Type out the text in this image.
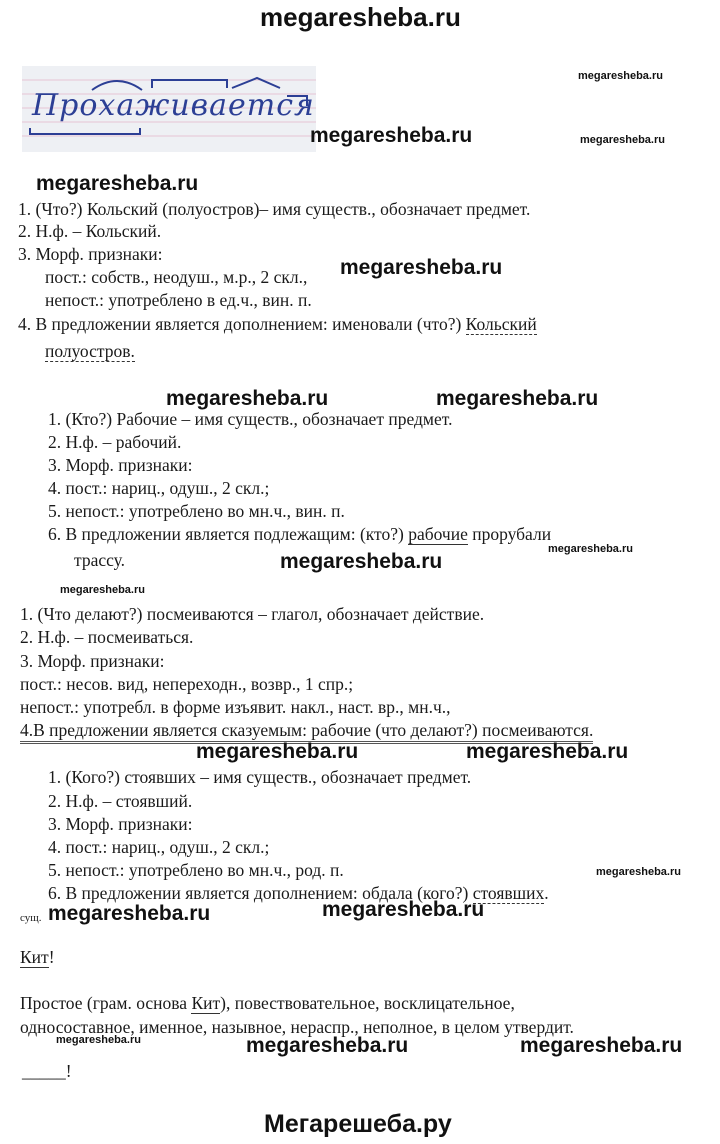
megaresheba.ru
Прохаживается
megaresheba.ru
megaresheba.ru	megaresheba.ru
megaresheba.ru
1. (Что?) Кольский (полуостров)– имя существ., обозначает предмет.
2. Н.ф. – Кольский.
3. Морф. признаки:
пост.: собств., неодуш., м.р., 2 скл., megaresheba.ru
непост.: употреблено в ед.ч., вин. п.
4. В предложении является дополнением: именовали (что?) Кольский
полуостров.
megaresheba.ru	megaresheba.ru
1. (Кто?) Рабочие – имя существ., обозначает предмет.
2. Н.ф. – рабочий.
3. Морф. признаки:
4. пост.: нариц., одуш., 2 скл.;
5. непост.: употреблено во мн.ч., вин. п.
6. В предложении является подлежащим: (кто?) рабочие прорубали
megaresheba.ru
трассу.	megaresheba.ru
megaresheba.ru
1. (Что делают?) посмеиваются – глагол, обозначает действие.
2. Н.ф. – посмеиваться.
3. Морф. признаки:
пост.: несов. вид, непереходн., возвр., 1 спр.;
непост.: употребл. в форме изъявит. накл., наст. вр., мн.ч.,
4.В предложении является сказуемым: рабочие (что делают?) посмеиваются.
megaresheba.ru	megaresheba.ru
1. (Кого?) стоявших – имя существ., обозначает предмет.
2. Н.ф. – стоявший.
3. Морф. признаки:
4. пост.: нариц., одуш., 2 скл.;
5. непост.: употреблено во мн.ч., род. п.	megaresheba.ru
6. В предложении является дополнением: обдала (кого?) стоявших.
сущ. megaresheba.ru	megaresheba.ru
Кит!
Простое (грам. основа Кит), повествовательное, восклицательное,
односоставное, именное, назывное, нераспр., неполное, в целом утвердит.
megaresheba.ru	megaresheba.ru	megaresheba.ru
_____!
Мегарешеба.ру
